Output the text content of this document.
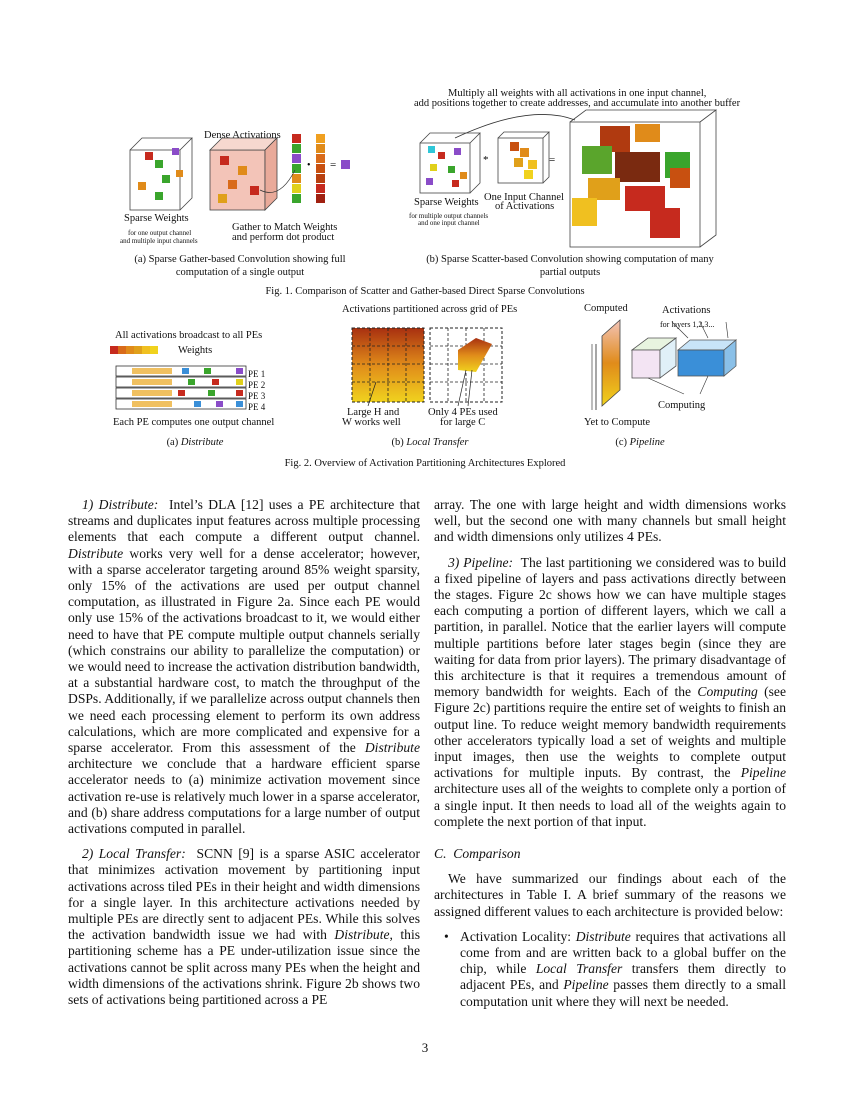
• =
Dense Activations
Sparse Weights
for one output channel
and multiple input channels
Gather to Match Weights
and perform dot product
(a) Sparse Gather-based Convolution showing full
computation of a single output
Multiply all weights with all activations in one input channel,
add positions together to create addresses, and accumulate into another buffer
*	=
Sparse Weights
for multiple output channels
and one input channel
One Input Channel
of Activations
(b) Sparse Scatter-based Convolution showing computation of many
partial outputs
Fig. 1. Comparison of Scatter and Gather-based Direct Sparse Convolutions
All activations broadcast to all PEs
Weights
PE 1
PE 2
PE 3
PE 4
Each PE computes one output channel
(a) Distribute
Activations partitioned across grid of PEs
Large H and
W works well
Only 4 PEs used
for large C
(b) Local Transfer
Computed	Activations
for layers 1,2,3...
Computing
Yet to Compute
(c) Pipeline
Fig. 2. Overview of Activation Partitioning Architectures Explored

1) Distribute:  Intel’s DLA [12] uses a PE architecture that streams and duplicates input features across multiple processing elements that each compute a different output channel. Distribute works very well for a dense accelerator; however, with a sparse accelerator targeting around 85% weight sparsity, only 15% of the activations are used per output channel computation, as illustrated in Figure 2a. Since each PE would only use 15% of the activations broadcast to it, we would either need to have that PE compute multiple output channels serially (which constrains our ability to parallelize the computation) or we would need to increase the activation distribution bandwidth, at a substantial hardware cost, to match the throughput of the DSPs. Additionally, if we parallelize across output channels then we need each processing element to perform its own address calculations, which are more complicated and expensive for a sparse accelerator. From this assessment of the Distribute architecture we conclude that a hardware efficient sparse accelerator needs to (a) minimize activation movement since activation re-use is relatively much lower in a sparse accelerator, and (b) share address computations for a large number of output activations computed in parallel.

2) Local Transfer:  SCNN [9] is a sparse ASIC accelerator that minimizes activation movement by partitioning input activations across tiled PEs in their height and width dimensions for a single layer. In this architecture activations needed by multiple PEs are directly sent to adjacent PEs. While this solves the activation bandwidth issue we had with Distribute, this partitioning scheme has a PE under-utilization issue since the activations cannot be split across many PEs when the height and width dimensions of the activations shrink. Figure 2b shows two sets of activations being partitioned across a PE

array. The one with large height and width dimensions works well, but the second one with many channels but small height and width dimensions only utilizes 4 PEs.

3) Pipeline:  The last partitioning we considered was to build a fixed pipeline of layers and pass activations directly between the stages. Figure 2c shows how we can have multiple stages each computing a portion of different layers, which we call a partition, in parallel. Notice that the earlier layers will compute multiple partitions before later stages begin (since they are waiting for data from prior layers). The primary disadvantage of this architecture is that it requires a tremendous amount of memory bandwidth for weights. Each of the Computing (see Figure 2c) partitions require the entire set of weights to finish an output line. To reduce weight memory bandwidth requirements other accelerators typically load a set of weights and multiple input images, then use the weights to complete output activations for multiple inputs. By contrast, the Pipeline architecture uses all of the weights to complete only a portion of a single input. It then needs to load all of the weights again to complete the next portion of that input.

C.  Comparison

We have summarized our findings about each of the architectures in Table I. A brief summary of the reasons we assigned different values to each architecture is provided below:

• Activation Locality: Distribute requires that activations all come from and are written back to a global buffer on the chip, while Local Transfer transfers them directly to adjacent PEs, and Pipeline passes them directly to a small computation unit where they will next be needed.

3
